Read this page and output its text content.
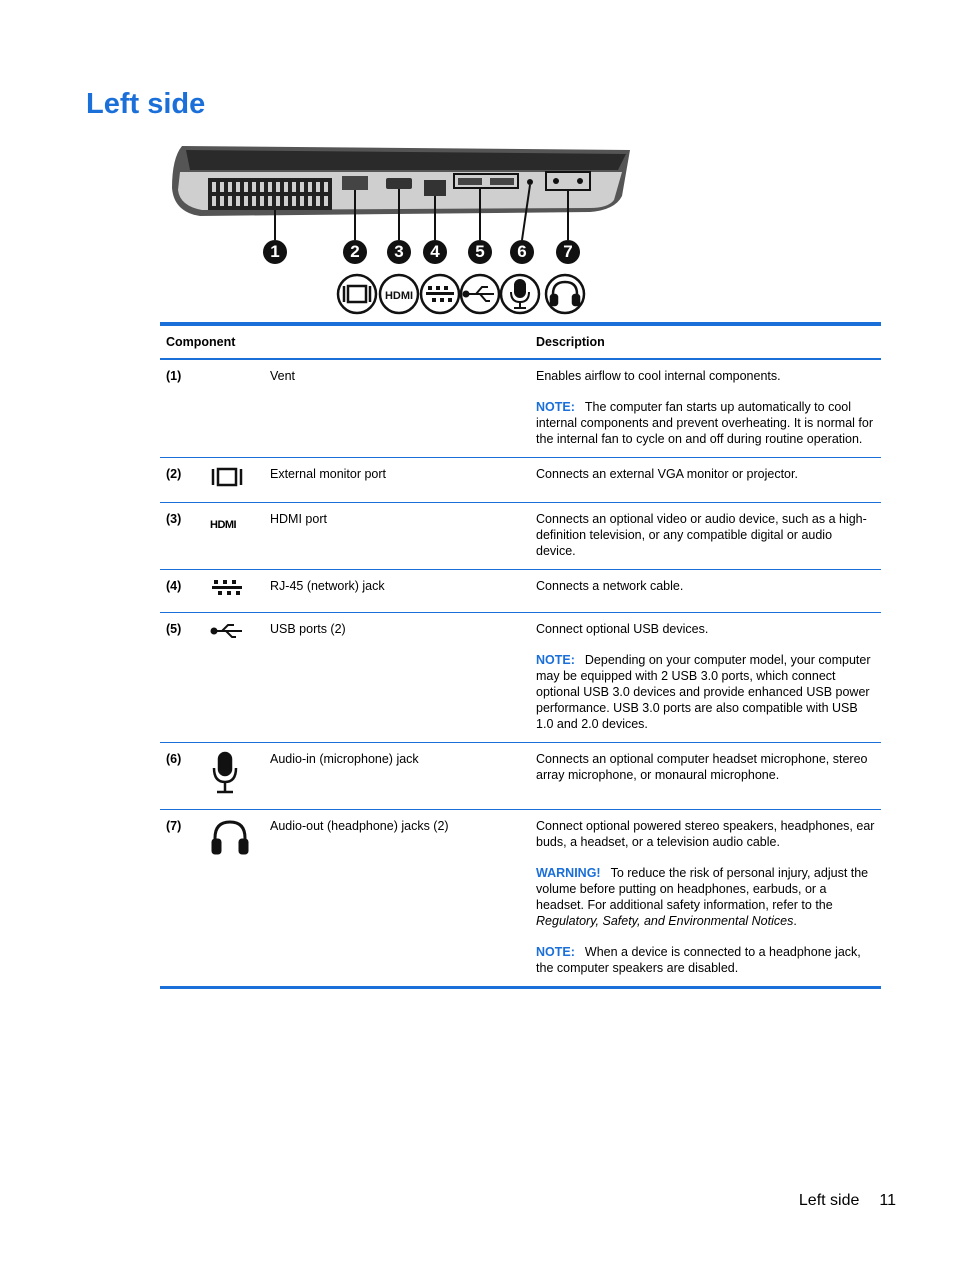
Left side
1	2	3	4	5	6	7
HDMI
Component			Description
(1)		Vent	Enables airflow to cool internal components.

NOTE: The computer fan starts up automatically to cool internal components and prevent overheating. It is normal for the internal fan to cycle on and off during routine operation.

(2)		External monitor port	Connects an external VGA monitor or projector.

(3)	HDMI	HDMI port	Connects an optional video or audio device, such as a high-definition television, or any compatible digital or audio device.

(4)		RJ-45 (network) jack	Connects a network cable.

(5)		USB ports (2)	Connect optional USB devices.

NOTE: Depending on your computer model, your computer may be equipped with 2 USB 3.0 ports, which connect optional USB 3.0 devices and provide enhanced USB power performance. USB 3.0 ports are also compatible with USB 1.0 and 2.0 devices.

(6)		Audio-in (microphone) jack	Connects an optional computer headset microphone, stereo array microphone, or monaural microphone.

(7)		Audio-out (headphone) jacks (2)	Connect optional powered stereo speakers, headphones, ear buds, a headset, or a television audio cable.

WARNING! To reduce the risk of personal injury, adjust the volume before putting on headphones, earbuds, or a headset. For additional safety information, refer to the Regulatory, Safety, and Environmental Notices.

NOTE: When a device is connected to a headphone jack, the computer speakers are disabled.

Left side 11
